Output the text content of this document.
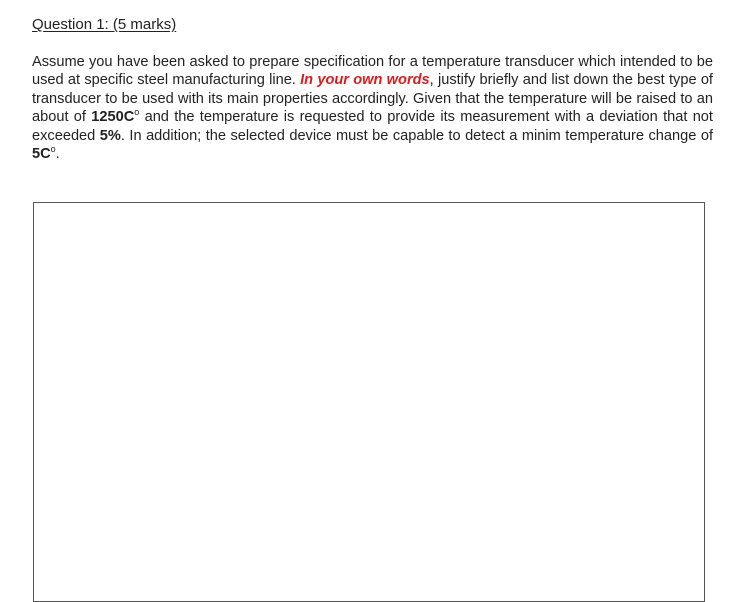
Question 1: (5 marks)
Assume you have been asked to prepare specification for a temperature transducer which intended to be used at specific steel manufacturing line. In your own words, justify briefly and list down the best type of transducer to be used with its main properties accordingly. Given that the temperature will be raised to an about of $1250C^o$ and the temperature is requested to provide its measurement with a deviation that not exceeded 5%. In addition; the selected device must be capable to detect a minim temperature change of $5C^o$.
